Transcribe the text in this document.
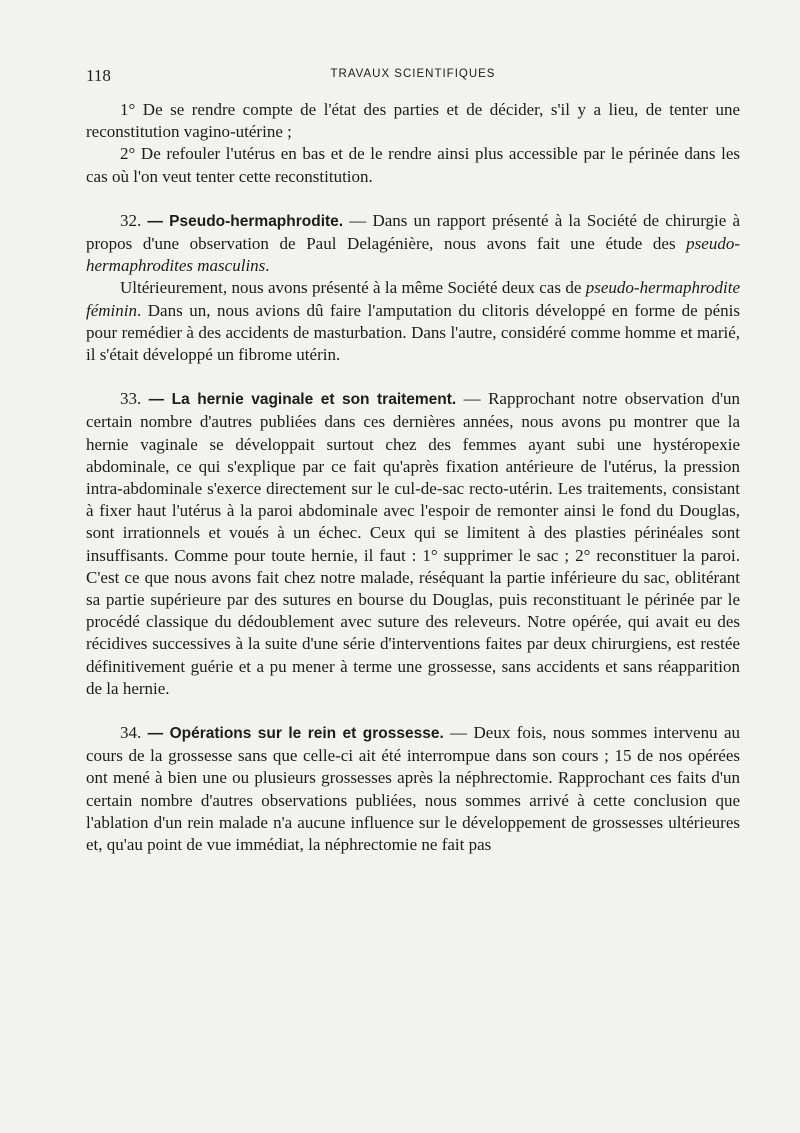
118	TRAVAUX SCIENTIFIQUES

1° De se rendre compte de l'état des parties et de décider, s'il y a lieu, de tenter une reconstitution vagino-utérine ;

2° De refouler l'utérus en bas et de le rendre ainsi plus accessible par le périnée dans les cas où l'on veut tenter cette reconstitution.

32. — Pseudo-hermaphrodite. — Dans un rapport présenté à la Société de chirurgie à propos d'une observation de Paul Delagénière, nous avons fait une étude des pseudo-hermaphrodites masculins.

Ultérieurement, nous avons présenté à la même Société deux cas de pseudo-hermaphrodite féminin. Dans un, nous avions dû faire l'amputation du clitoris développé en forme de pénis pour remédier à des accidents de masturbation. Dans l'autre, considéré comme homme et marié, il s'était développé un fibrome utérin.

33. — La hernie vaginale et son traitement. — Rapprochant notre observation d'un certain nombre d'autres publiées dans ces dernières années, nous avons pu montrer que la hernie vaginale se développait surtout chez des femmes ayant subi une hystéropexie abdominale, ce qui s'explique par ce fait qu'après fixation antérieure de l'utérus, la pression intra-abdominale s'exerce directement sur le cul-de-sac recto-utérin. Les traitements, consistant à fixer haut l'utérus à la paroi abdominale avec l'espoir de remonter ainsi le fond du Douglas, sont irrationnels et voués à un échec. Ceux qui se limitent à des plasties périnéales sont insuffisants. Comme pour toute hernie, il faut : 1° supprimer le sac ; 2° reconstituer la paroi. C'est ce que nous avons fait chez notre malade, réséquant la partie inférieure du sac, oblitérant sa partie supérieure par des sutures en bourse du Douglas, puis reconstituant le périnée par le procédé classique du dédoublement avec suture des releveurs. Notre opérée, qui avait eu des récidives successives à la suite d'une série d'interventions faites par deux chirurgiens, est restée définitivement guérie et a pu mener à terme une grossesse, sans accidents et sans réapparition de la hernie.

34. — Opérations sur le rein et grossesse. — Deux fois, nous sommes intervenu au cours de la grossesse sans que celle-ci ait été interrompue dans son cours ; 15 de nos opérées ont mené à bien une ou plusieurs grossesses après la néphrectomie. Rapprochant ces faits d'un certain nombre d'autres observations publiées, nous sommes arrivé à cette conclusion que l'ablation d'un rein malade n'a aucune influence sur le développement de grossesses ultérieures et, qu'au point de vue immédiat, la néphrectomie ne fait pas
